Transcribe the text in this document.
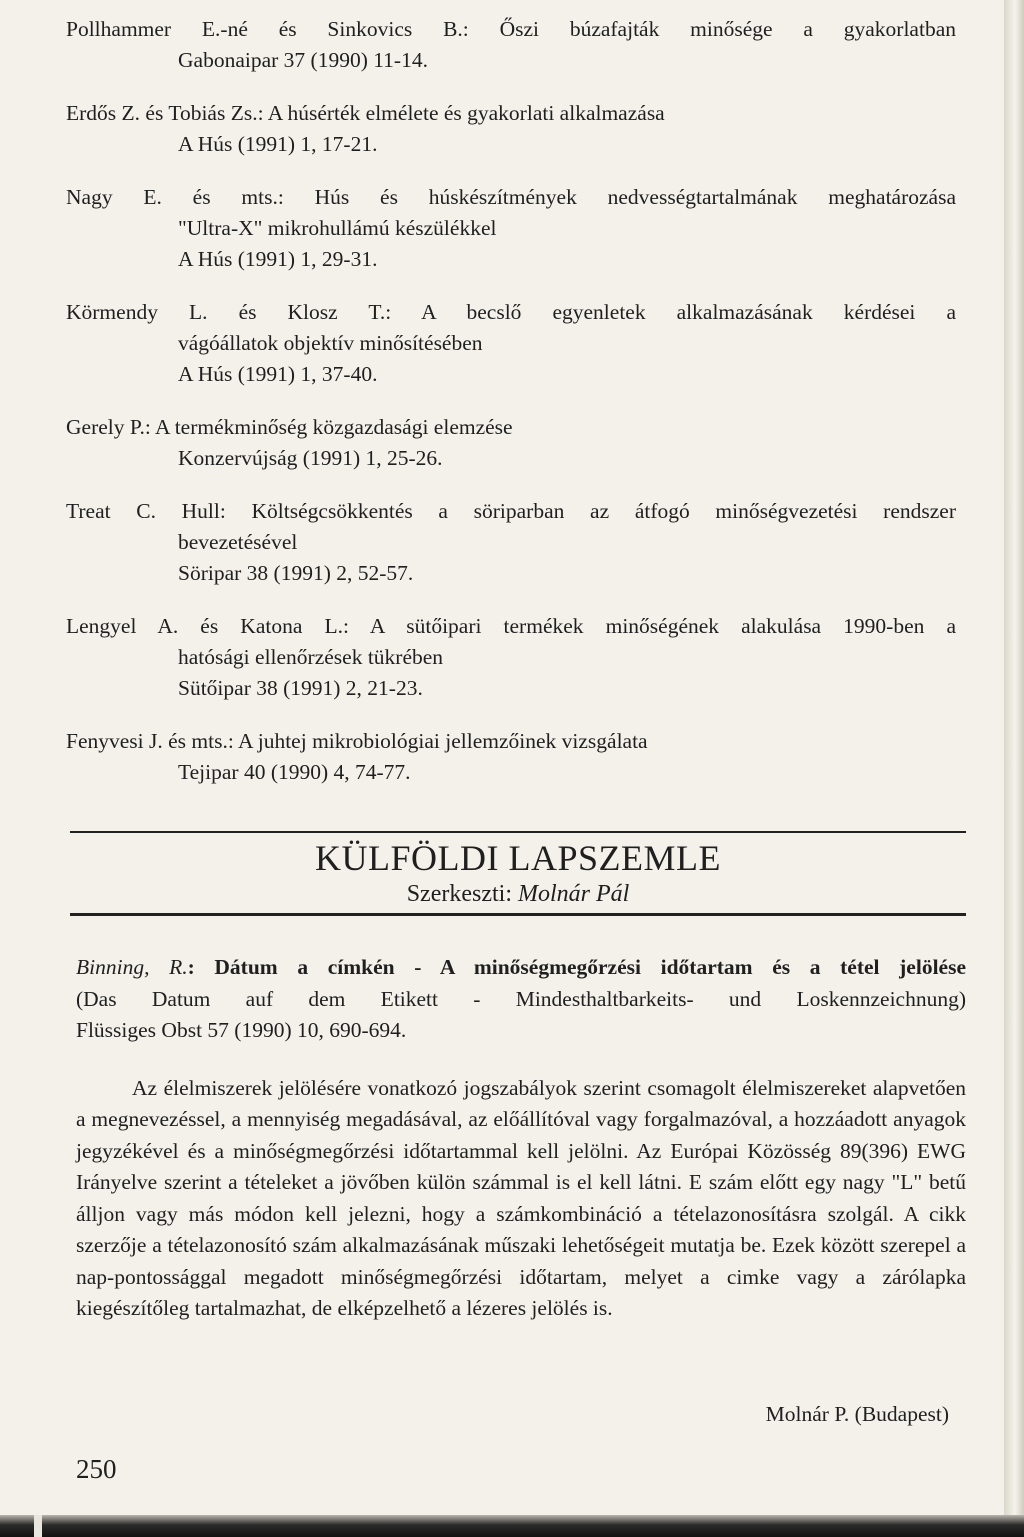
Pollhammer E.-né és Sinkovics B.: Őszi búzafajták minősége a gyakorlatban
Gabonaipar 37 (1990) 11-14.
Erdős Z. és Tobiás Zs.: A húsérték elmélete és gyakorlati alkalmazása
A Hús (1991) 1, 17-21.
Nagy E. és mts.: Hús és húskészítmények nedvességtartalmának meghatározása
"Ultra-X" mikrohullámú készülékkel
A Hús (1991) 1, 29-31.
Körmendy L. és Klosz T.: A becslő egyenletek alkalmazásának kérdései a
vágóállatok objektív minősítésében
A Hús (1991) 1, 37-40.
Gerely P.: A termékminőség közgazdasági elemzése
Konzervújság (1991) 1, 25-26.
Treat C. Hull: Költségcsökkentés a söriparban az átfogó minőségvezetési rendszer
bevezetésével
Söripar 38 (1991) 2, 52-57.
Lengyel A. és Katona L.: A sütőipari termékek minőségének alakulása 1990-ben a
hatósági ellenőrzések tükrében
Sütőipar 38 (1991) 2, 21-23.
Fenyvesi J. és mts.: A juhtej mikrobiológiai jellemzőinek vizsgálata
Tejipar 40 (1990) 4, 74-77.
KÜLFÖLDI LAPSZEMLE
Szerkeszti: Molnár Pál
Binning, R.: Dátum a címkén - A minőségmegőrzési időtartam és a tétel jelölése
(Das Datum auf dem Etikett - Mindesthaltbarkeits- und Loskennzeichnung)
Flüssiges Obst 57 (1990) 10, 690-694.

Az élelmiszerek jelölésére vonatkozó jogszabályok szerint csomagolt élelmiszereket alapvetően a megnevezéssel, a mennyiség megadásával, az előállítóval vagy forgalmazóval, a hozzáadott anyagok jegyzékével és a minőségmegőrzési időtartammal kell jelölni. Az Európai Közösség 89(396) EWG Irányelve szerint a tételeket a jövőben külön számmal is el kell látni. E szám előtt egy nagy "L" betű álljon vagy más módon kell jelezni, hogy a számkombináció a tételazonosításra szolgál. A cikk szerzője a tételazonosító szám alkalmazásának műszaki lehetőségeit mutatja be. Ezek között szerepel a nap-pontossággal megadott minőségmegőrzési időtartam, melyet a cimke vagy a zárólapka kiegészítőleg tartalmazhat, de elképzelhető a lézeres jelölés is.

Molnár P. (Budapest)
250
